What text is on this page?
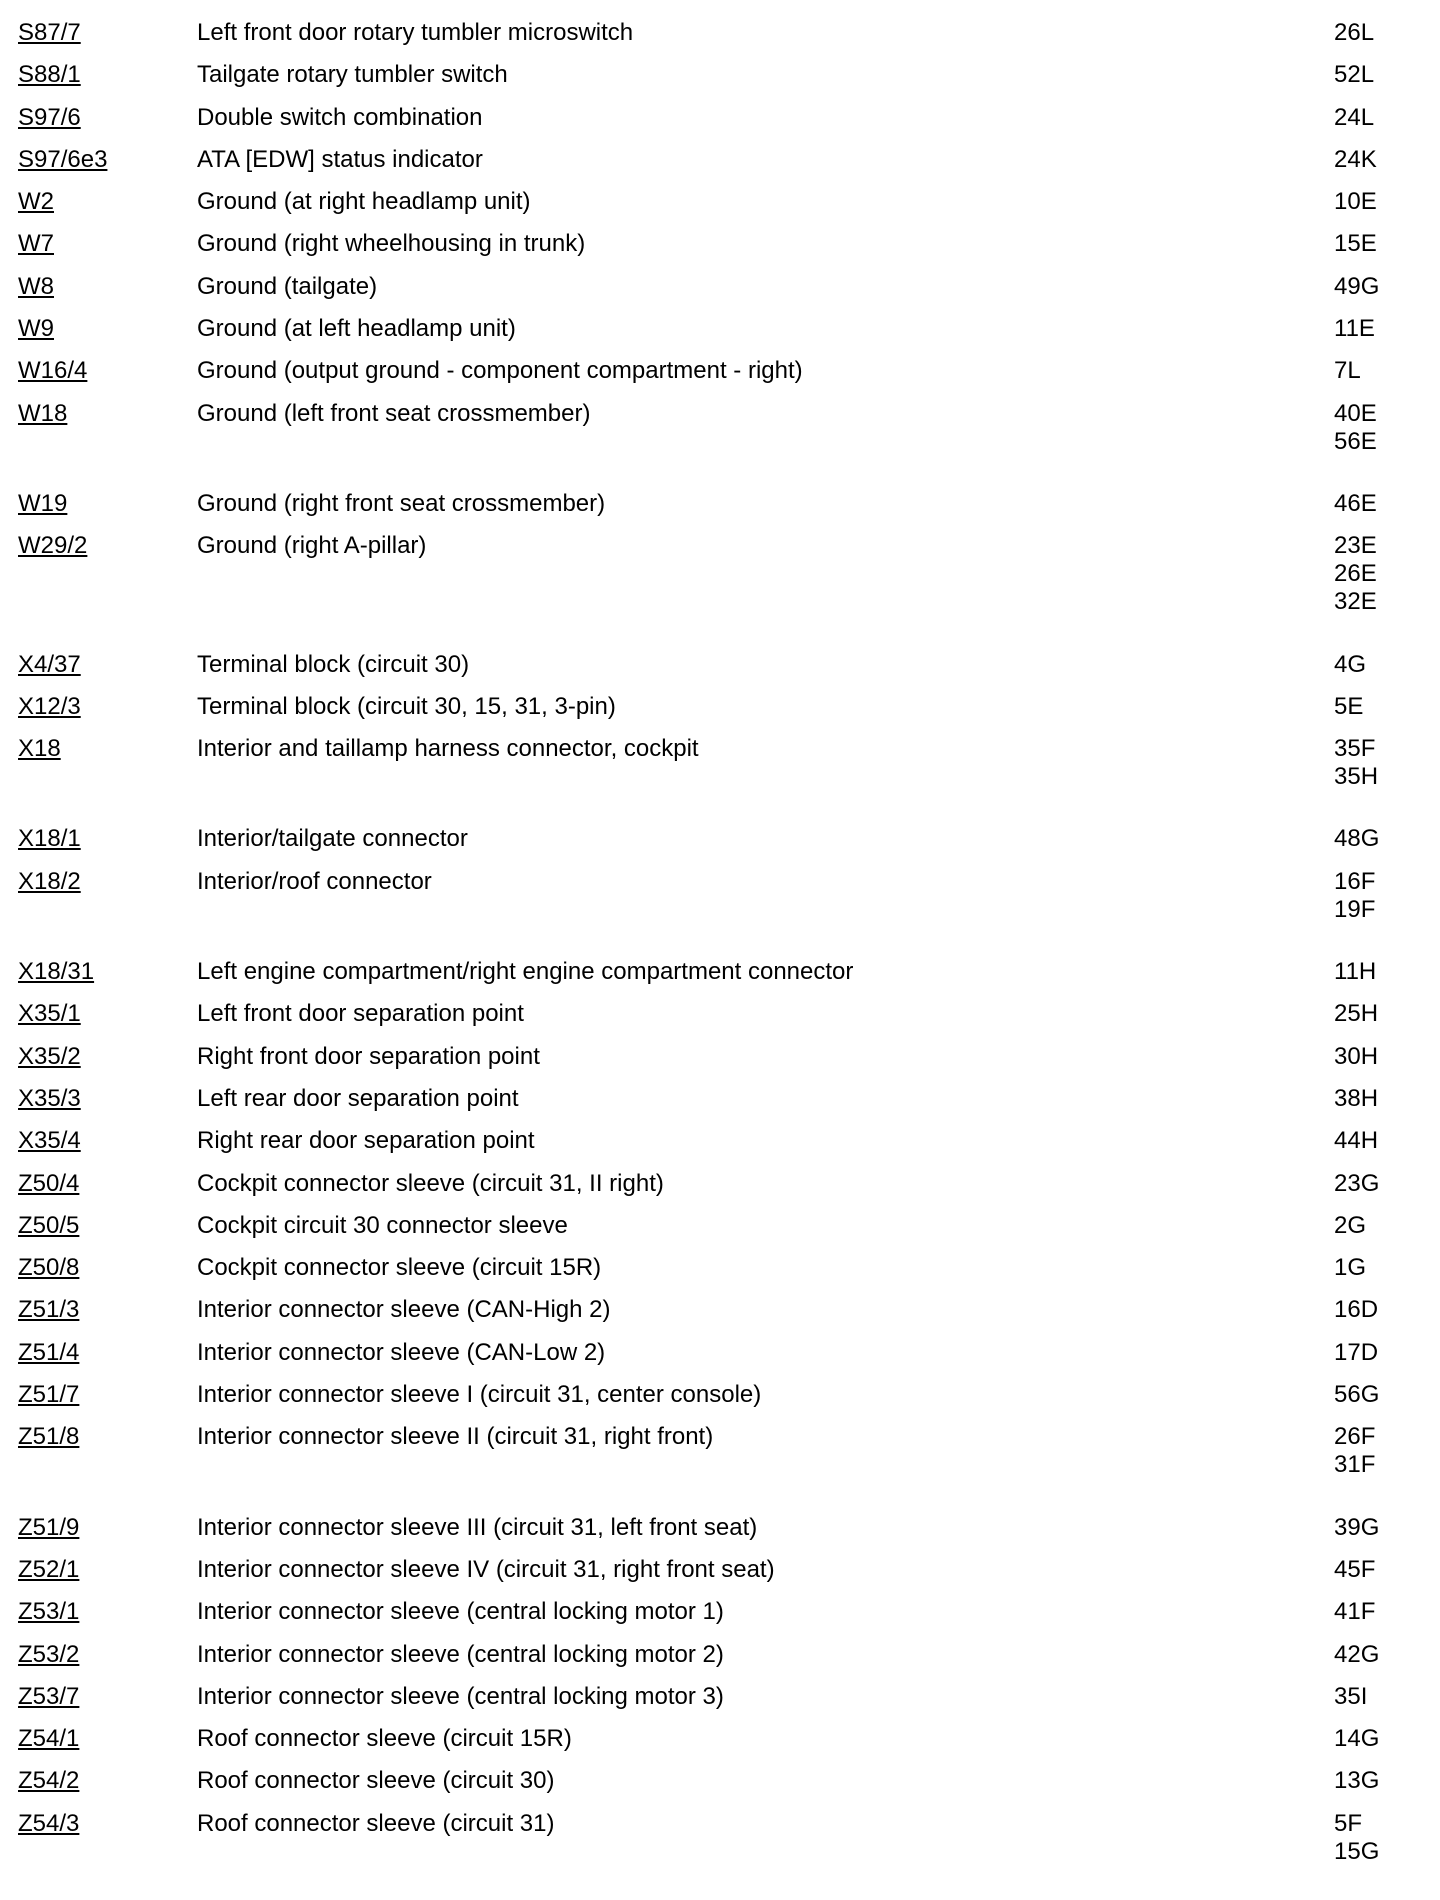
S87/7	Left front door rotary tumbler microswitch	26L
S88/1	Tailgate rotary tumbler switch	52L
S97/6	Double switch combination	24L
S97/6e3	ATA [EDW] status indicator	24K
W2	Ground (at right headlamp unit)	10E
W7	Ground (right wheelhousing in trunk)	15E
W8	Ground (tailgate)	49G
W9	Ground (at left headlamp unit)	11E
W16/4	Ground (output ground - component compartment - right)	7L
W18	Ground (left front seat crossmember)	40E
56E
W19	Ground (right front seat crossmember)	46E
W29/2	Ground (right A-pillar)	23E
26E
32E
X4/37	Terminal block (circuit 30)	4G
X12/3	Terminal block (circuit 30, 15, 31, 3-pin)	5E
X18	Interior and taillamp harness connector, cockpit	35F
35H
X18/1	Interior/tailgate connector	48G
X18/2	Interior/roof connector	16F
19F
X18/31	Left engine compartment/right engine compartment connector	11H
X35/1	Left front door separation point	25H
X35/2	Right front door separation point	30H
X35/3	Left rear door separation point	38H
X35/4	Right rear door separation point	44H
Z50/4	Cockpit connector sleeve (circuit 31, II right)	23G
Z50/5	Cockpit circuit 30 connector sleeve	2G
Z50/8	Cockpit connector sleeve (circuit 15R)	1G
Z51/3	Interior connector sleeve (CAN-High 2)	16D
Z51/4	Interior connector sleeve (CAN-Low 2)	17D
Z51/7	Interior connector sleeve I (circuit 31, center console)	56G
Z51/8	Interior connector sleeve II (circuit 31, right front)	26F
31F
Z51/9	Interior connector sleeve III (circuit 31, left front seat)	39G
Z52/1	Interior connector sleeve IV (circuit 31, right front seat)	45F
Z53/1	Interior connector sleeve (central locking motor 1)	41F
Z53/2	Interior connector sleeve (central locking motor 2)	42G
Z53/7	Interior connector sleeve (central locking motor 3)	35I
Z54/1	Roof connector sleeve (circuit 15R)	14G
Z54/2	Roof connector sleeve (circuit 30)	13G
Z54/3	Roof connector sleeve (circuit 31)	5F
15G
